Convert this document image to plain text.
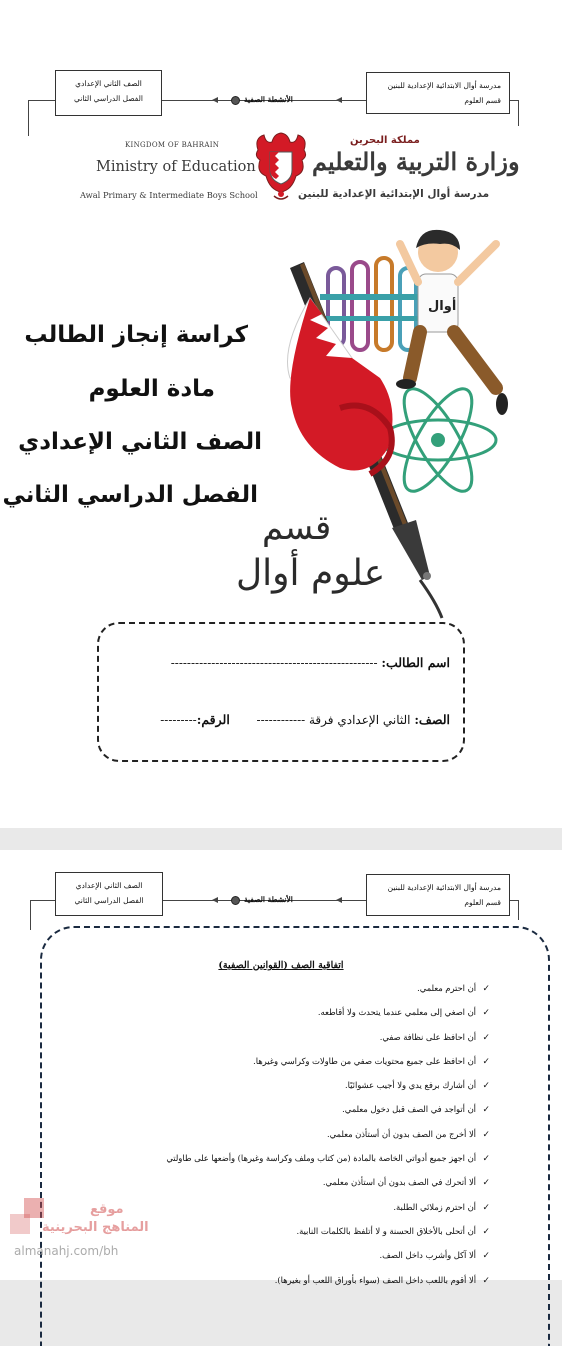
الصف الثاني الإعدادي
الفصل الدراسي الثاني	الأنشطة الصفية
مدرسة أوال الابتدائية الإعدادية للبنين
قسم العلوم
KINGDOM OF BAHRAIN
Ministry of Education
Awal Primary & Intermediate Boys School
مملكة البحرين
وزارة التربية والتعليم
مدرسة أوال الإبتدائية الإعدادية للبنين
كراسة إنجاز الطالب
مادة العلوم
الصف الثاني الإعدادي
الفصل الدراسي الثاني
أوال
قسم
علوم أوال
اسم الطالب: ---------------------------------------------------
الصف: الثاني الإعدادي فرقة ------------       الرقم:---------
الصف الثاني الإعدادي
الفصل الدراسي الثاني	الأنشطة الصفية
مدرسة أوال الابتدائية الإعدادية للبنين
قسم العلوم
اتفاقية الصف (القوانين الصفية)
✓أن احترم معلمي.
✓أن اصغي إلى معلمي عندما يتحدث ولا أقاطعه.
✓أن احافظ على نظافة صفي.
✓أن احافظ على جميع محتويات صفي من طاولات وكراسي وغيرها.
✓أن أشارك برفع يدي ولا أجيب عشوائيًا.
✓أن أتواجد في الصف قبل دخول معلمي.
✓ألا أخرج من الصف بدون أن أستأذن معلمي.
✓أن اجهز جميع أدواتي الخاصة بالمادة (من كتاب وملف وكراسة وغيرها) وأضعها على طاولتي
✓ألا أتحرك في الصف بدون أن استأذن معلمي.
✓أن احترم زملائي الطلبة.
✓أن أتحلى بالأخلاق الحسنة و لا أتلفظ بالكلمات النابية.
✓ألا آكل وأشرب داخل الصف.
✓ألا أقوم باللعب داخل الصف (سواء بأوراق اللعب أو بغيرها).
موقع
المناهج البحرينية
almanahj.com/bh
